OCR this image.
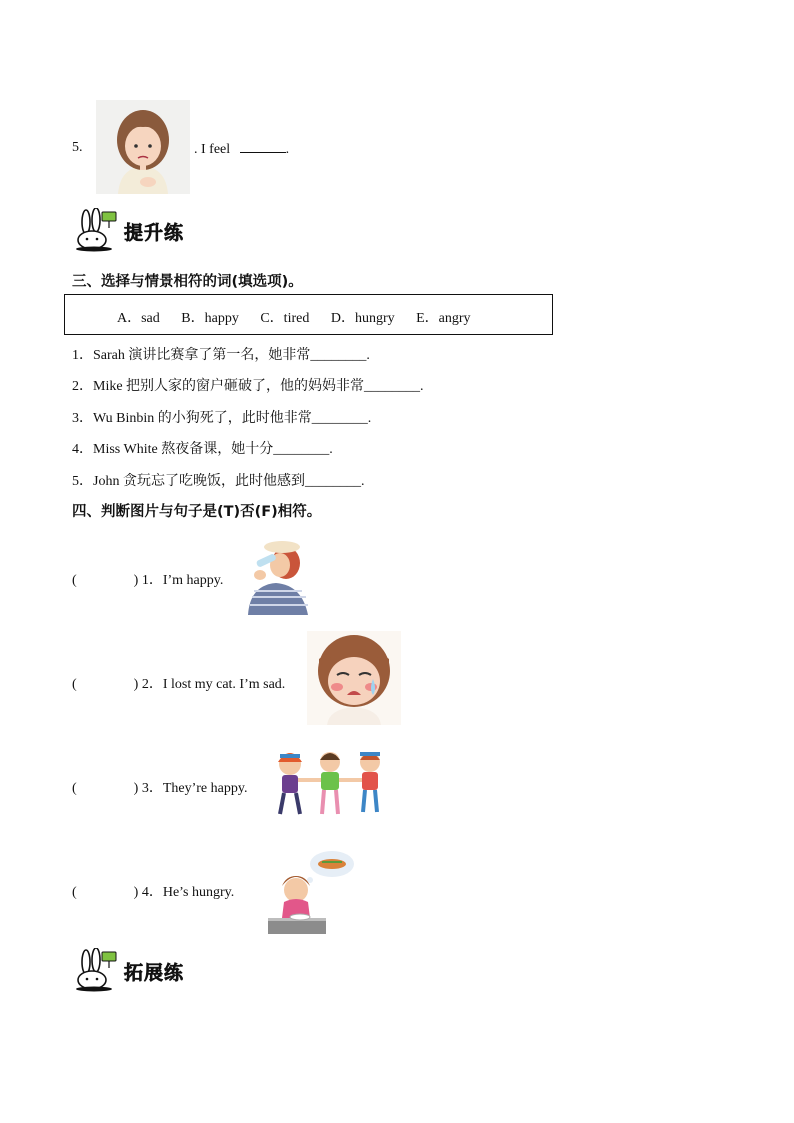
5.	. I feel	.
提升练
三、选择与情景相符的词(填选项)。
A．sad B．happy C．tired D．hungry E．angry
1．Sarah 演讲比赛拿了第一名，她非常________.
2．Mike 把别人家的窗户砸破了，他的妈妈非常________.
3．Wu Binbin 的小狗死了，此时他非常________.
4．Miss White 熬夜备课，她十分________.
5．John 贪玩忘了吃晚饭，此时他感到________.
四、判断图片与句子是(T)否(F)相符。
(	) 1．I’m happy.
(	) 2．I lost my cat. I’m sad.
(	) 3．They’re happy.
(	) 4．He’s hungry.
拓展练
